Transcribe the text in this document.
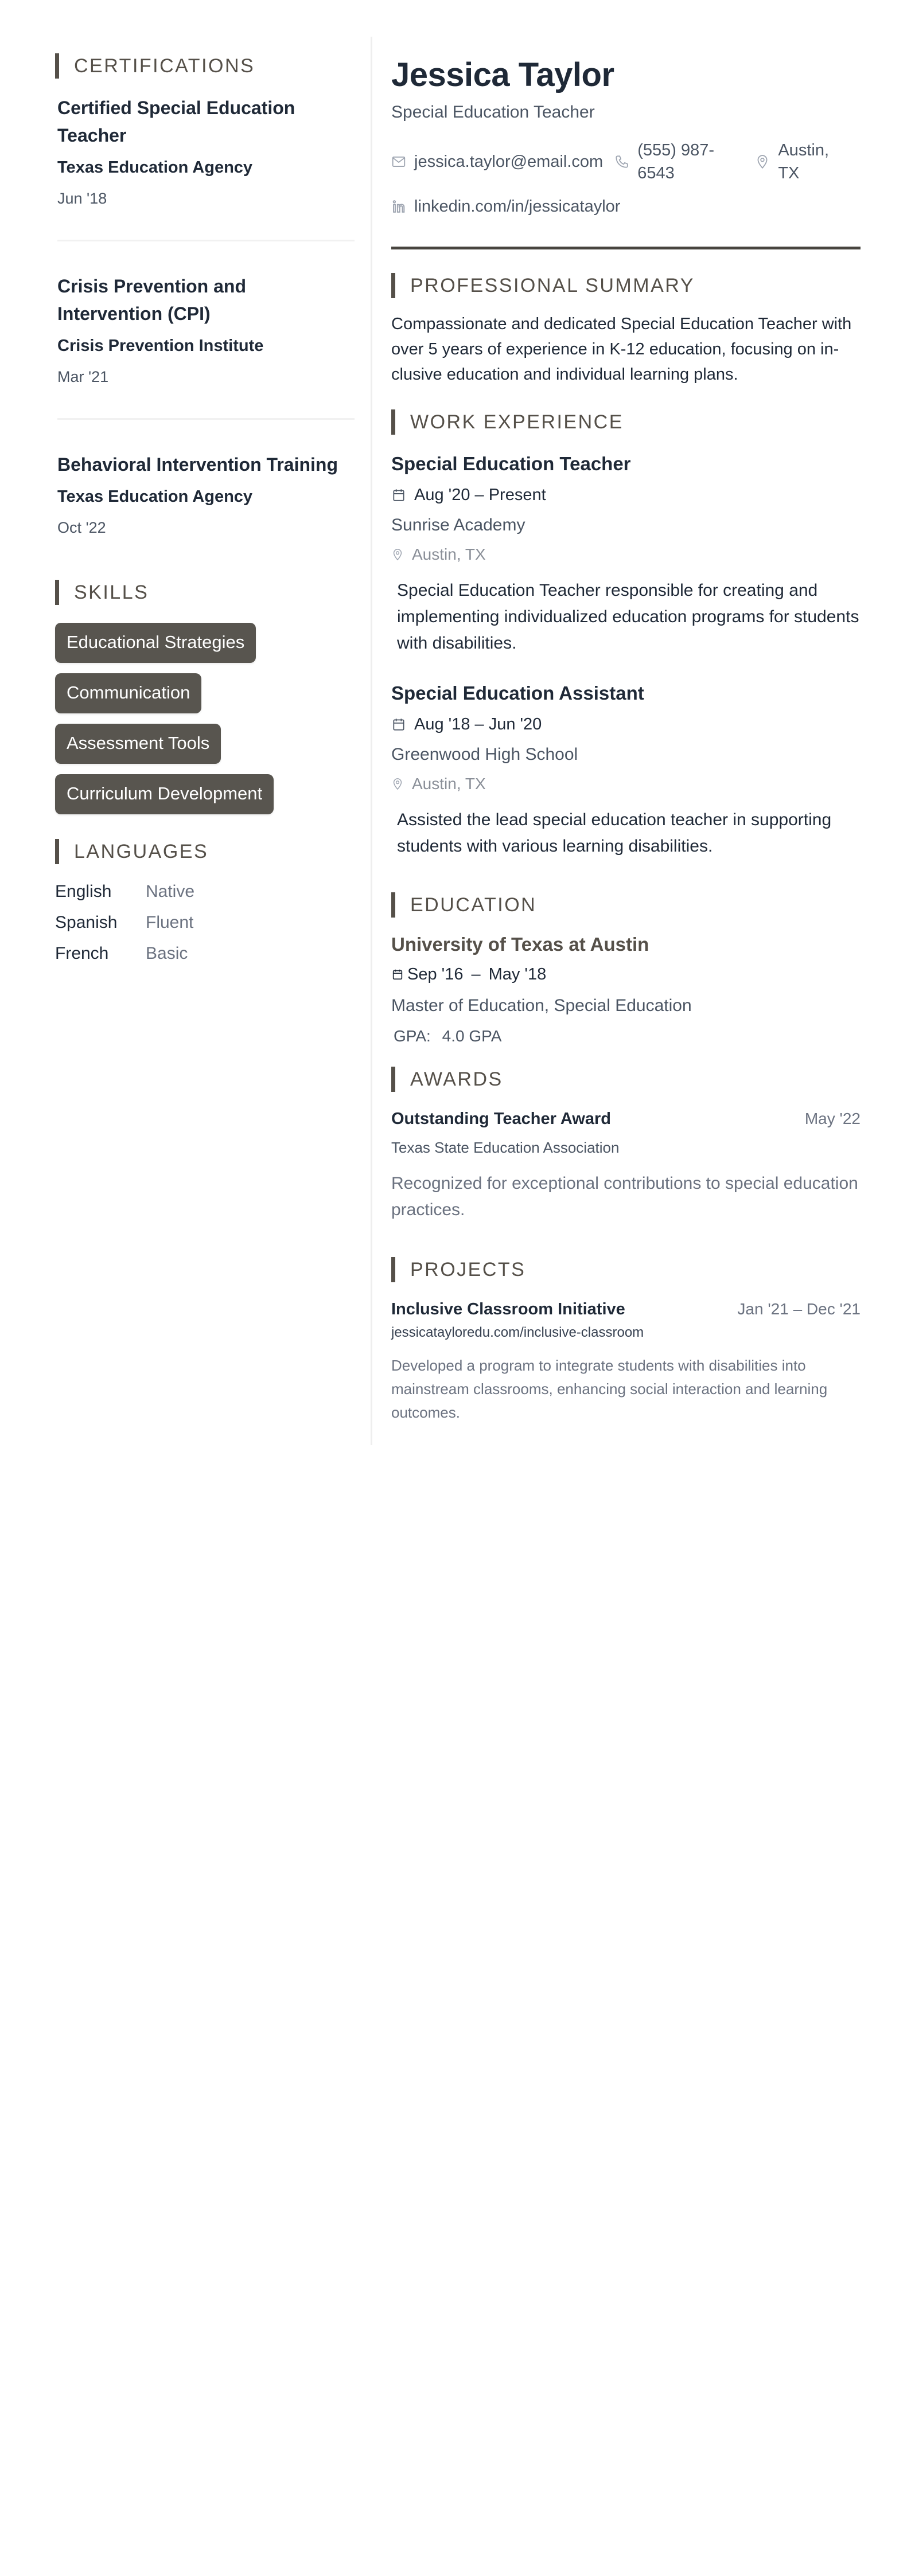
CERTIFICATIONS
Certified Special Education Teacher
Texas Education Agency
Jun '18
Crisis Prevention and Intervention (CPI)
Crisis Prevention Institute
Mar '21
Behavioral Intervention Training
Texas Education Agency
Oct '22
SKILLS
Educational Strategies
Communication
Assessment Tools
Curriculum Development
LANGUAGES
English	Native
Spanish	Fluent
French	Basic
Jessica Taylor
Special Education Teacher
jessica.taylor@email.com
(555) 987-6543
Austin, TX
linkedin.com/in/jessicataylor
PROFESSIONAL SUMMARY

Compassionate and dedicated Special Education Teacher with over 5 years of experience in K-12 education, focusing on inclusive education and individual learning plans.

WORK EXPERIENCE
Special Education Teacher
Aug '20 – Present
Sunrise Academy
Austin, TX

Special Education Teacher responsible for creating and implementing individualized education programs for students with disabilities.

Special Education Assistant
Aug '18 – Jun '20
Greenwood High School
Austin, TX

Assisted the lead special education teacher in supporting students with various learning disabilities.

EDUCATION
University of Texas at Austin
Sep '16 – May '18
Master of Education, Special Education
GPA: 4.0 GPA
AWARDS
Outstanding Teacher Award	May '22
Texas State Education Association

Recognized for exceptional contributions to special education practices.

PROJECTS
Inclusive Classroom Initiative	Jan '21 – Dec '21
jessicatayloredu.com/inclusive-classroom

Developed a program to integrate students with disabilities into mainstream classrooms, enhancing social interaction and learning outcomes.
